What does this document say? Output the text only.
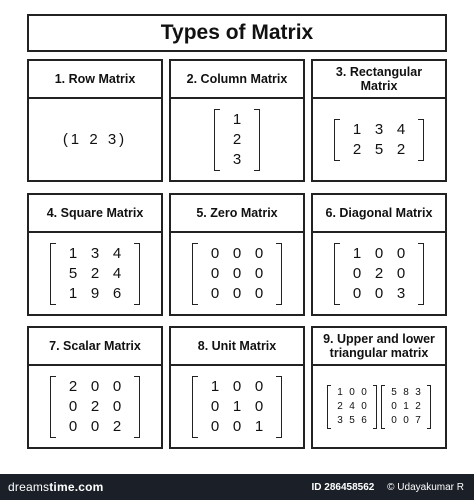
Types of Matrix
1. Row Matrix
(1 2 3)
2. Column Matrix
1
2
3
3. Rectangular Matrix
1 3 4
2 5 2
4. Square Matrix
1 3 4
5 2 4
1 9 6
5. Zero Matrix
0 0 0
0 0 0
0 0 0
6. Diagonal Matrix
1 0 0
0 2 0
0 0 3
7. Scalar Matrix
2 0 0
0 2 0
0 0 2
8. Unit Matrix
1 0 0
0 1 0
0 0 1
9. Upper and lower triangular matrix
1 0 0
2 4 0
3 5 6
5 8 3
0 1 2
0 0 7
dreamstime.com	ID 286458562 © Udayakumar R
